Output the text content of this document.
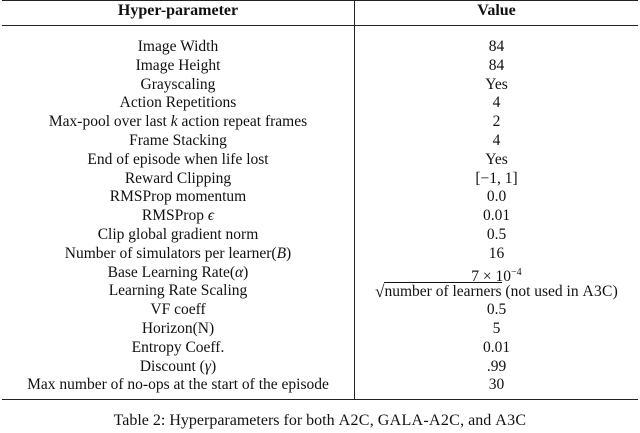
Hyper-parameter	Value
Image Width	84
Image Height	84
Grayscaling	Yes
Action Repetitions	4
Max-pool over last k action repeat frames	2
Frame Stacking	4
End of episode when life lost	Yes
Reward Clipping	[−1, 1]
RMSProp momentum	0.0
RMSProp ϵ	0.01
Clip global gradient norm	0.5
Number of simulators per learner(B)	16
Base Learning Rate(α)	$7 \times 10^{-4}$
Learning Rate Scaling	√number of learners (not used in A3C)
VF coeff	0.5
Horizon(N)	5
Entropy Coeff.	0.01
Discount (γ)	.99
Max number of no-ops at the start of the episode	30
Table 2: Hyperparameters for both A2C, GALA-A2C, and A3C
